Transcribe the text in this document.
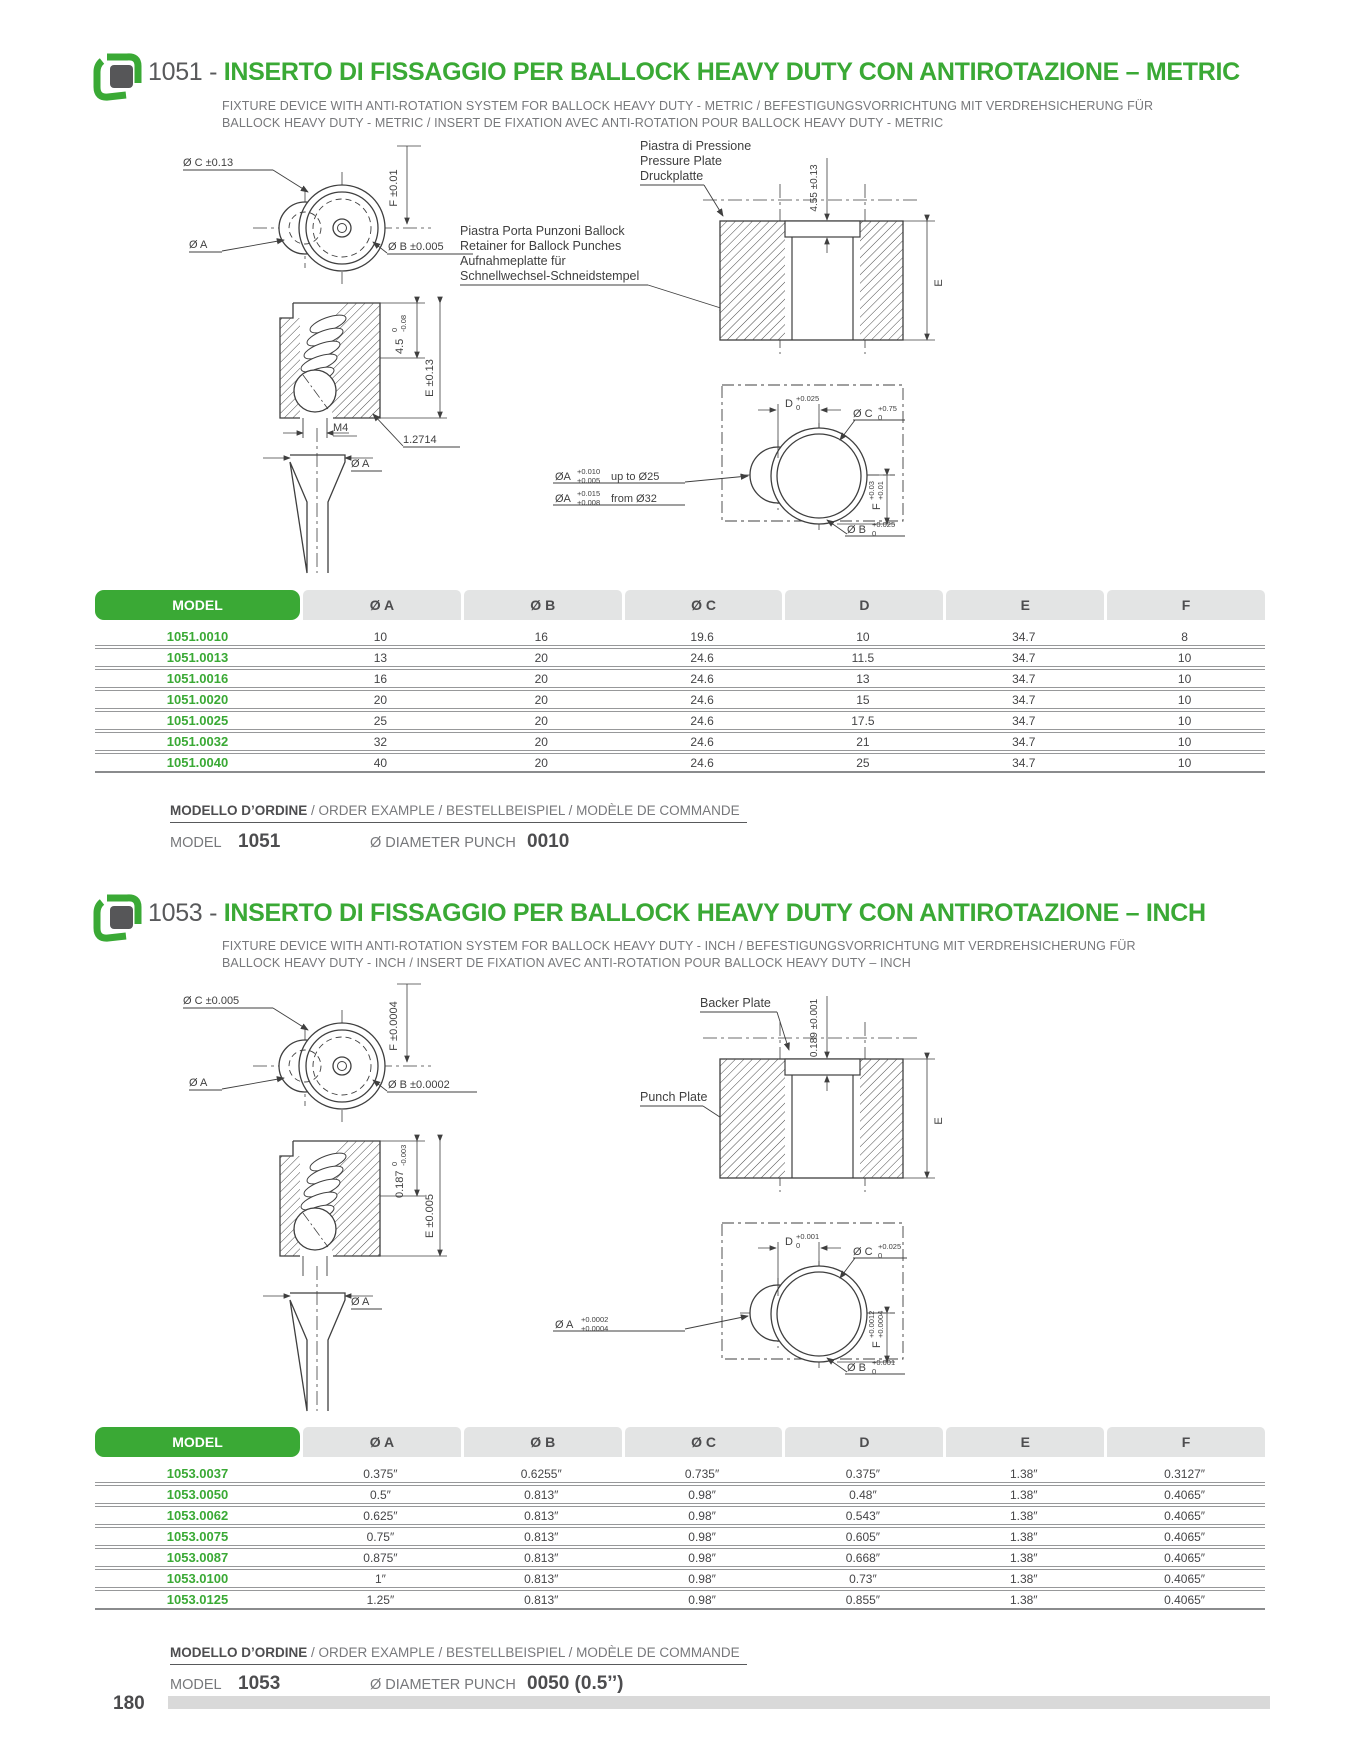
1051 - INSERTO DI FISSAGGIO PER BALLOCK HEAVY DUTY CON ANTIROTAZIONE – METRIC
FIXTURE DEVICE WITH ANTI-ROTATION SYSTEM FOR BALLOCK HEAVY DUTY - METRIC / BEFESTIGUNGSVORRICHTUNG MIT VERDREHSICHERUNG FÜR
BALLOCK HEAVY DUTY - METRIC / INSERT DE FIXATION AVEC ANTI-ROTATION POUR BALLOCK HEAVY DUTY - METRIC
Ø C ±0.13
Ø A	Ø B ±0.005
F ±0.01
4.5
0 -0.08
E ±0.13
M4
1.2714
Ø A
Piastra di Pressione
Pressure Plate
Druckplatte
Piastra Porta Punzoni Ballock
Retainer for Ballock Punches
Aufnahmeplatte für
Schnellwechsel-Schneidstempel
4.55 ±0.13
E
D +0.025
0
Ø C +0.75
0
F
+0.03 +0.01
ØA +0.010
+0.005 up to Ø25
ØA +0.015
+0.008 from Ø32
Ø B +0.025
0
MODEL	Ø A	Ø B	Ø C	D	E	F
1051.0010	10	16	19.6	10	34.7	8
1051.0013	13	20	24.6	11.5	34.7	10
1051.0016	16	20	24.6	13	34.7	10
1051.0020	20	20	24.6	15	34.7	10
1051.0025	25	20	24.6	17.5	34.7	10
1051.0032	32	20	24.6	21	34.7	10
1051.0040	40	20	24.6	25	34.7	10
MODELLO D’ORDINE / ORDER EXAMPLE / BESTELLBEISPIEL / MODÈLE DE COMMANDE
MODEL 1051	Ø DIAMETER PUNCH 0010
1053 - INSERTO DI FISSAGGIO PER BALLOCK HEAVY DUTY CON ANTIROTAZIONE – INCH
FIXTURE DEVICE WITH ANTI-ROTATION SYSTEM FOR BALLOCK HEAVY DUTY - INCH / BEFESTIGUNGSVORRICHTUNG MIT VERDREHSICHERUNG FÜR
BALLOCK HEAVY DUTY - INCH / INSERT DE FIXATION AVEC ANTI-ROTATION POUR BALLOCK HEAVY DUTY – INCH
Ø C ±0.005
Ø A	Ø B ±0.0002
F ±0.0004
0.187
0 -0.003
E ±0.005
Ø A
Backer Plate
Punch Plate
0.189 ±0.001
E
D +0.001
0
Ø C +0.025
0
F
+0.0012 +0.0004
Ø A +0.0002
+0.0004
Ø B +0.001
0
MODEL	Ø A	Ø B	Ø C	D	E	F
1053.0037	0.375″	0.6255″	0.735″	0.375″	1.38″	0.3127″
1053.0050	0.5″	0.813″	0.98″	0.48″	1.38″	0.4065″
1053.0062	0.625″	0.813″	0.98″	0.543″	1.38″	0.4065″
1053.0075	0.75″	0.813″	0.98″	0.605″	1.38″	0.4065″
1053.0087	0.875″	0.813″	0.98″	0.668″	1.38″	0.4065″
1053.0100	1″	0.813″	0.98″	0.73″	1.38″	0.4065″
1053.0125	1.25″	0.813″	0.98″	0.855″	1.38″	0.4065″
MODELLO D’ORDINE / ORDER EXAMPLE / BESTELLBEISPIEL / MODÈLE DE COMMANDE
MODEL 1053	Ø DIAMETER PUNCH 0050 (0.5’’)
180
